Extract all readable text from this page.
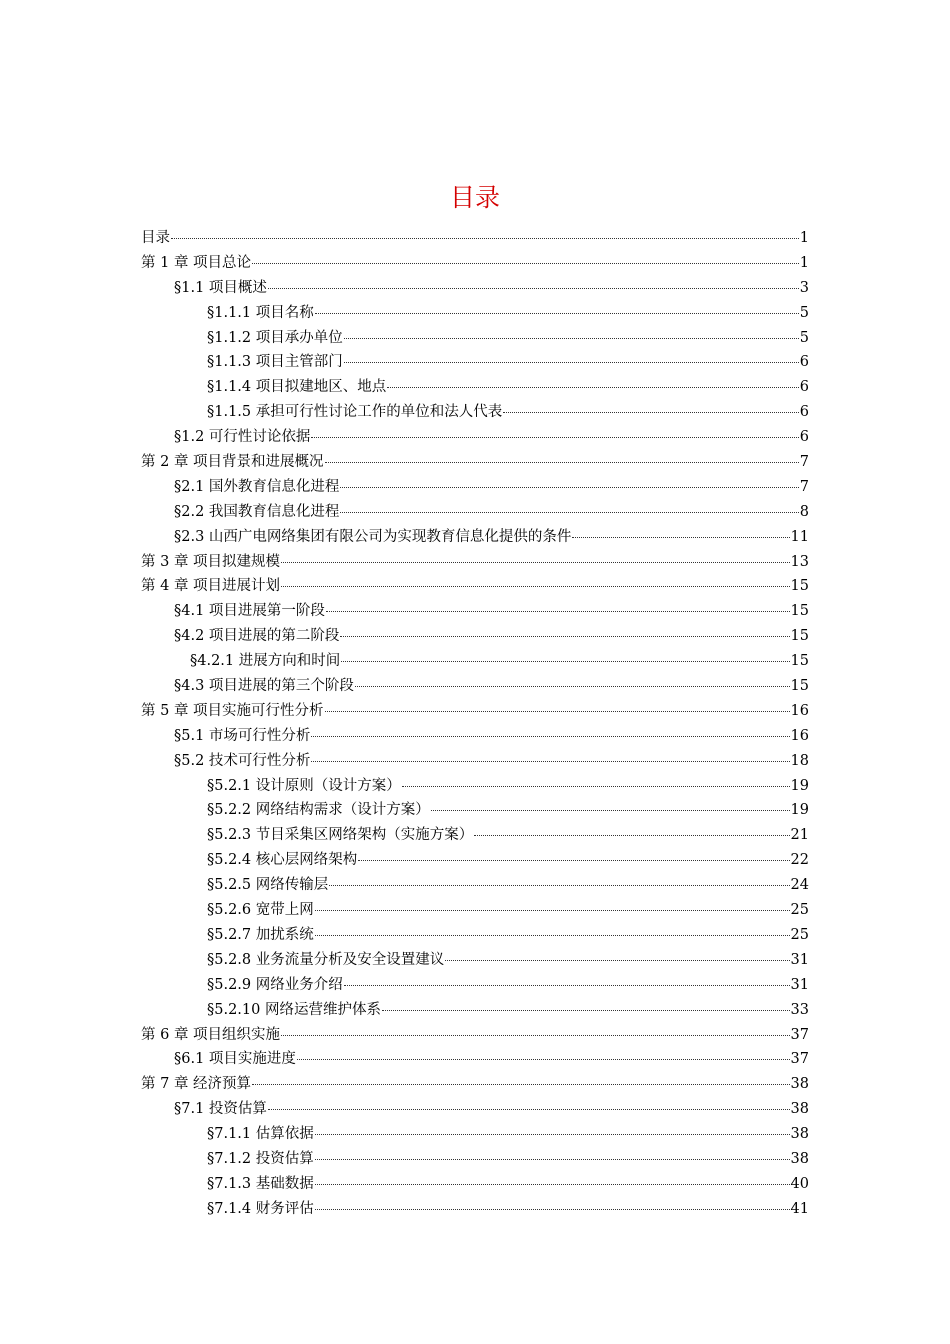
目录
目录	1
第 1 章 项目总论	1
§1.1 项目概述	3
§1.1.1 项目名称	5
§1.1.2 项目承办单位	5
§1.1.3 项目主管部门	6
§1.1.4 项目拟建地区、地点	6
§1.1.5 承担可行性讨论工作的单位和法人代表	6
§1.2 可行性讨论依据	6
第 2 章 项目背景和进展概况	7
§2.1 国外教育信息化进程	7
§2.2 我国教育信息化进程	8
§2.3 山西广电网络集团有限公司为实现教育信息化提供的条件	11
第 3 章 项目拟建规模	13
第 4 章 项目进展计划	15
§4.1 项目进展第一阶段	15
§4.2 项目进展的第二阶段	15
§4.2.1 进展方向和时间	15
§4.3 项目进展的第三个阶段	15
第 5 章 项目实施可行性分析	16
§5.1 市场可行性分析	16
§5.2 技术可行性分析	18
§5.2.1 设计原则（设计方案）	19
§5.2.2 网络结构需求（设计方案）	19
§5.2.3 节目采集区网络架构（实施方案）	21
§5.2.4 核心层网络架构	22
§5.2.5 网络传输层	24
§5.2.6 宽带上网	25
§5.2.7 加扰系统	25
§5.2.8 业务流量分析及安全设置建议	31
§5.2.9 网络业务介绍	31
§5.2.10 网络运营维护体系	33
第 6 章 项目组织实施	37
§6.1 项目实施进度	37
第 7 章 经济预算	38
§7.1 投资估算	38
§7.1.1 估算依据	38
§7.1.2 投资估算	38
§7.1.3 基础数据	40
§7.1.4 财务评估	41
